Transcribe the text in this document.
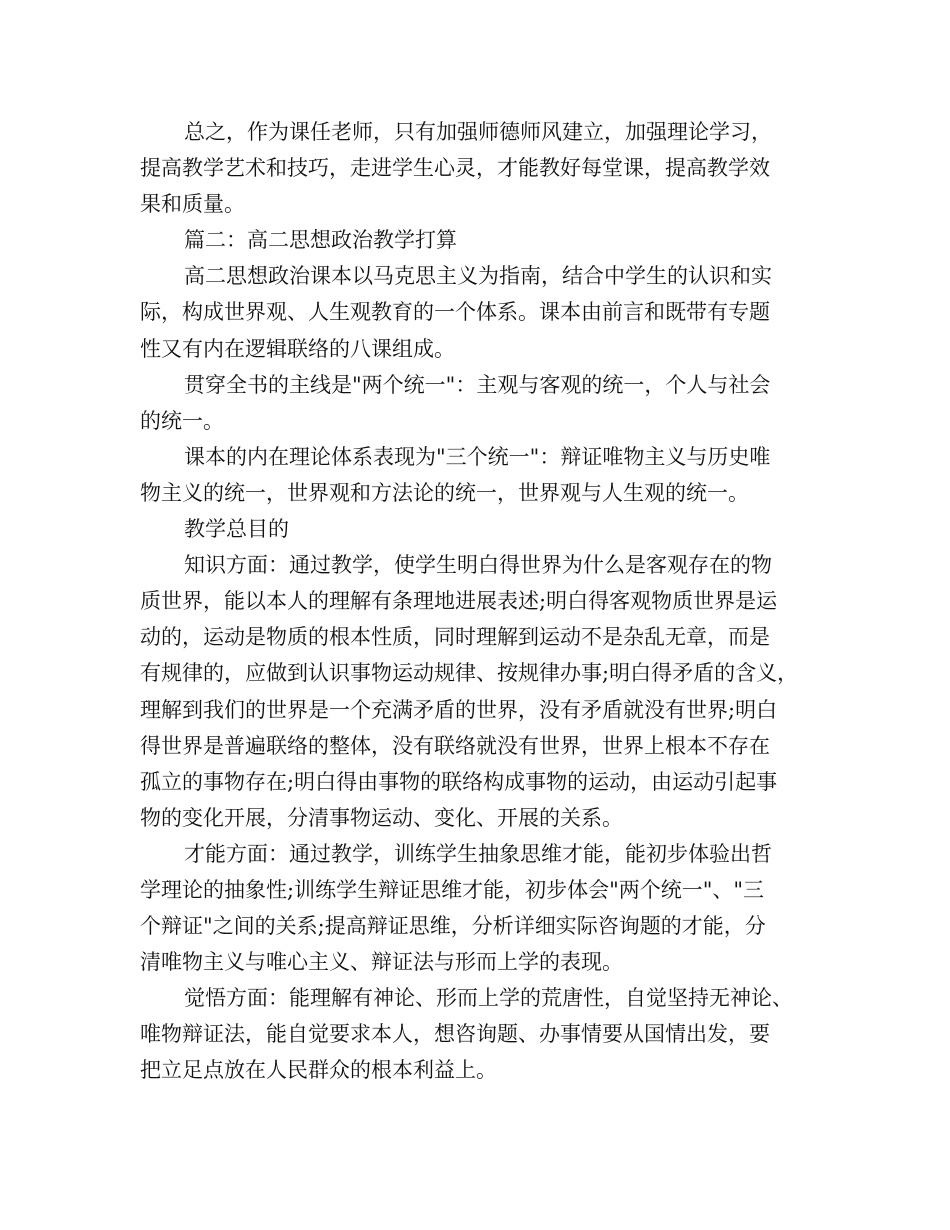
总之，作为课任老师，只有加强师德师风建立，加强理论学习，
提高教学艺术和技巧，走进学生心灵，才能教好每堂课，提高教学效
果和质量。
篇二：高二思想政治教学打算
高二思想政治课本以马克思主义为指南，结合中学生的认识和实
际，构成世界观、人生观教育的一个体系。课本由前言和既带有专题
性又有内在逻辑联络的八课组成。
贯穿全书的主线是"两个统一"：主观与客观的统一，个人与社会
的统一。
课本的内在理论体系表现为"三个统一"：辩证唯物主义与历史唯
物主义的统一，世界观和方法论的统一，世界观与人生观的统一。
教学总目的
知识方面：通过教学，使学生明白得世界为什么是客观存在的物
质世界，能以本人的理解有条理地进展表述;明白得客观物质世界是运
动的，运动是物质的根本性质，同时理解到运动不是杂乱无章，而是
有规律的，应做到认识事物运动规律、按规律办事;明白得矛盾的含义，
理解到我们的世界是一个充满矛盾的世界，没有矛盾就没有世界;明白
得世界是普遍联络的整体，没有联络就没有世界，世界上根本不存在
孤立的事物存在;明白得由事物的联络构成事物的运动，由运动引起事
物的变化开展，分清事物运动、变化、开展的关系。
才能方面：通过教学，训练学生抽象思维才能，能初步体验出哲
学理论的抽象性;训练学生辩证思维才能，初步体会"两个统一"、"三
个辩证"之间的关系;提高辩证思维，分析详细实际咨询题的才能，分
清唯物主义与唯心主义、辩证法与形而上学的表现。
觉悟方面：能理解有神论、形而上学的荒唐性，自觉坚持无神论、
唯物辩证法，能自觉要求本人，想咨询题、办事情要从国情出发，要
把立足点放在人民群众的根本利益上。
